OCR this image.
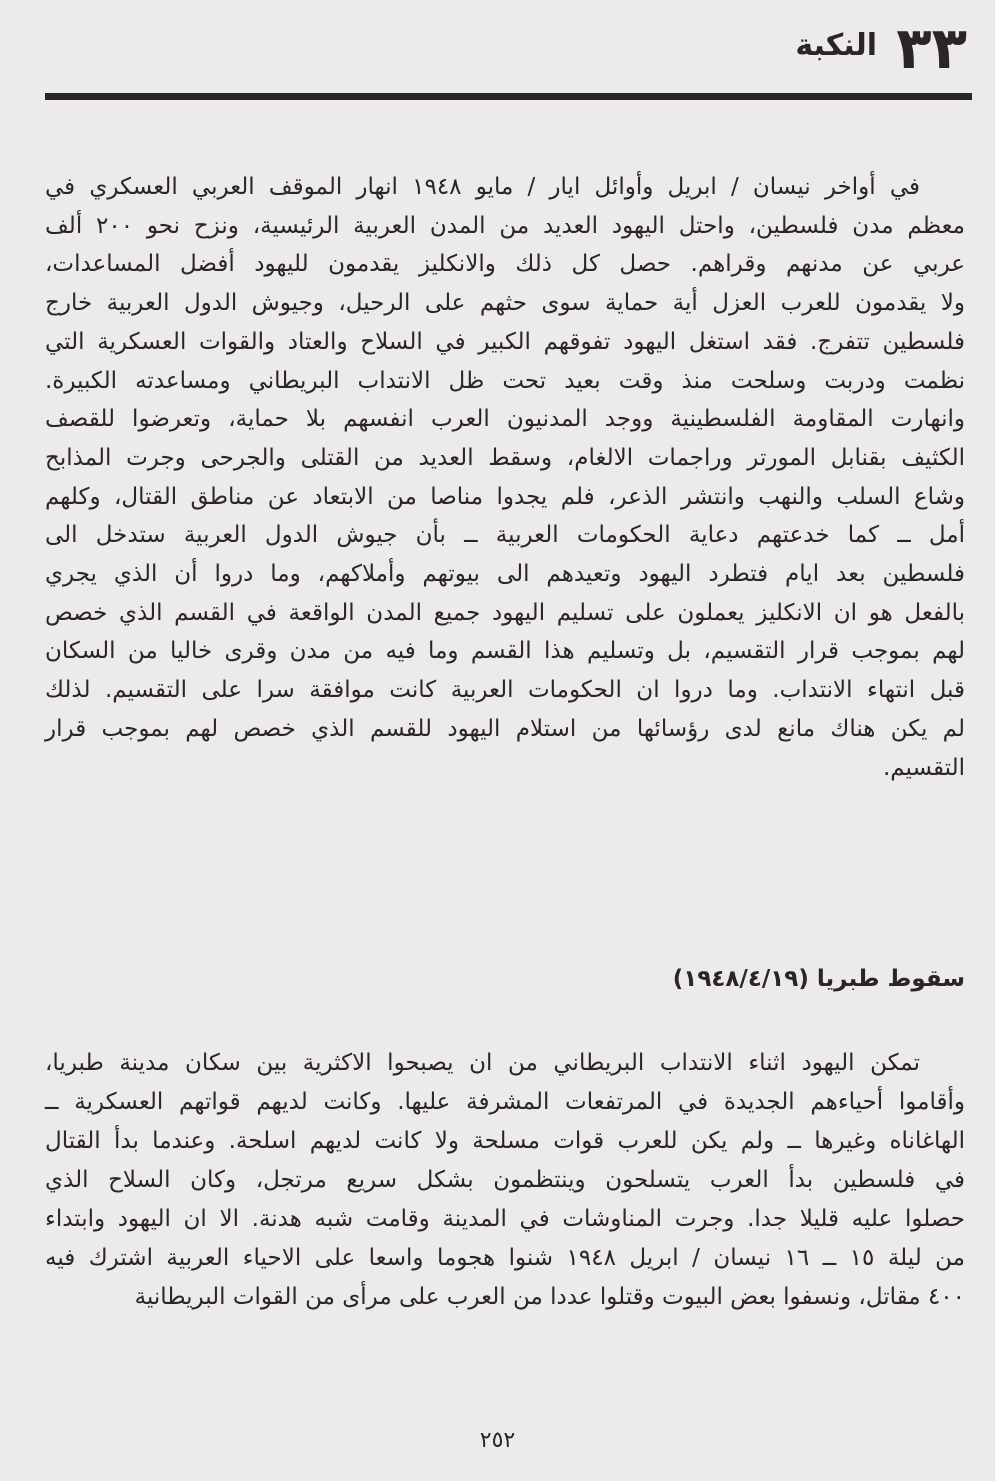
٣٣
النكبة
في أواخر نيسان / ابريل وأوائل ايار / مايو ١٩٤٨ انهار الموقف العربي العسكري في
معظم مدن فلسطين، واحتل اليهود العديد من المدن العربية الرئيسية، ونزح نحو ٢٠٠ ألف
عربي عن مدنهم وقراهم. حصل كل ذلك والانكليز يقدمون لليهود أفضل المساعدات،
ولا يقدمون للعرب العزل أية حماية سوى حثهم على الرحيل، وجيوش الدول العربية خارج
فلسطين تتفرج. فقد استغل اليهود تفوقهم الكبير في السلاح والعتاد والقوات العسكرية التي
نظمت ودربت وسلحت منذ وقت بعيد تحت ظل الانتداب البريطاني ومساعدته الكبيرة.
وانهارت المقاومة الفلسطينية ووجد المدنيون العرب انفسهم بلا حماية، وتعرضوا للقصف
الكثيف بقنابل المورتر وراجمات الالغام، وسقط العديد من القتلى والجرحى وجرت المذابح
وشاع السلب والنهب وانتشر الذعر، فلم يجدوا مناصا من الابتعاد عن مناطق القتال، وكلهم
أمل ــ كما خدعتهم دعاية الحكومات العربية ــ بأن جيوش الدول العربية ستدخل الى
فلسطين بعد ايام فتطرد اليهود وتعيدهم الى بيوتهم وأملاكهم، وما دروا أن الذي يجري
بالفعل هو ان الانكليز يعملون على تسليم اليهود جميع المدن الواقعة في القسم الذي خصص
لهم بموجب قرار التقسيم، بل وتسليم هذا القسم وما فيه من مدن وقرى خاليا من السكان
قبل انتهاء الانتداب. وما دروا ان الحكومات العربية كانت موافقة سرا على التقسيم. لذلك
لم يكن هناك مانع لدى رؤسائها من استلام اليهود للقسم الذي خصص لهم بموجب قرار
التقسيم.
سقوط طبريا (١٩٤٨/٤/١٩)
تمكن اليهود اثناء الانتداب البريطاني من ان يصبحوا الاكثرية بين سكان مدينة طبريا،
وأقاموا أحياءهم الجديدة في المرتفعات المشرفة عليها. وكانت لديهم قواتهم العسكرية ــ
الهاغاناه وغيرها ــ ولم يكن للعرب قوات مسلحة ولا كانت لديهم اسلحة. وعندما بدأ القتال
في فلسطين بدأ العرب يتسلحون وينتظمون بشكل سريع مرتجل، وكان السلاح الذي
حصلوا عليه قليلا جدا. وجرت المناوشات في المدينة وقامت شبه هدنة. الا ان اليهود وابتداء
من ليلة ١٥ ــ ١٦ نيسان / ابريل ١٩٤٨ شنوا هجوما واسعا على الاحياء العربية اشترك فيه
٤٠٠ مقاتل، ونسفوا بعض البيوت وقتلوا عددا من العرب على مرأى من القوات البريطانية
٢٥٢
